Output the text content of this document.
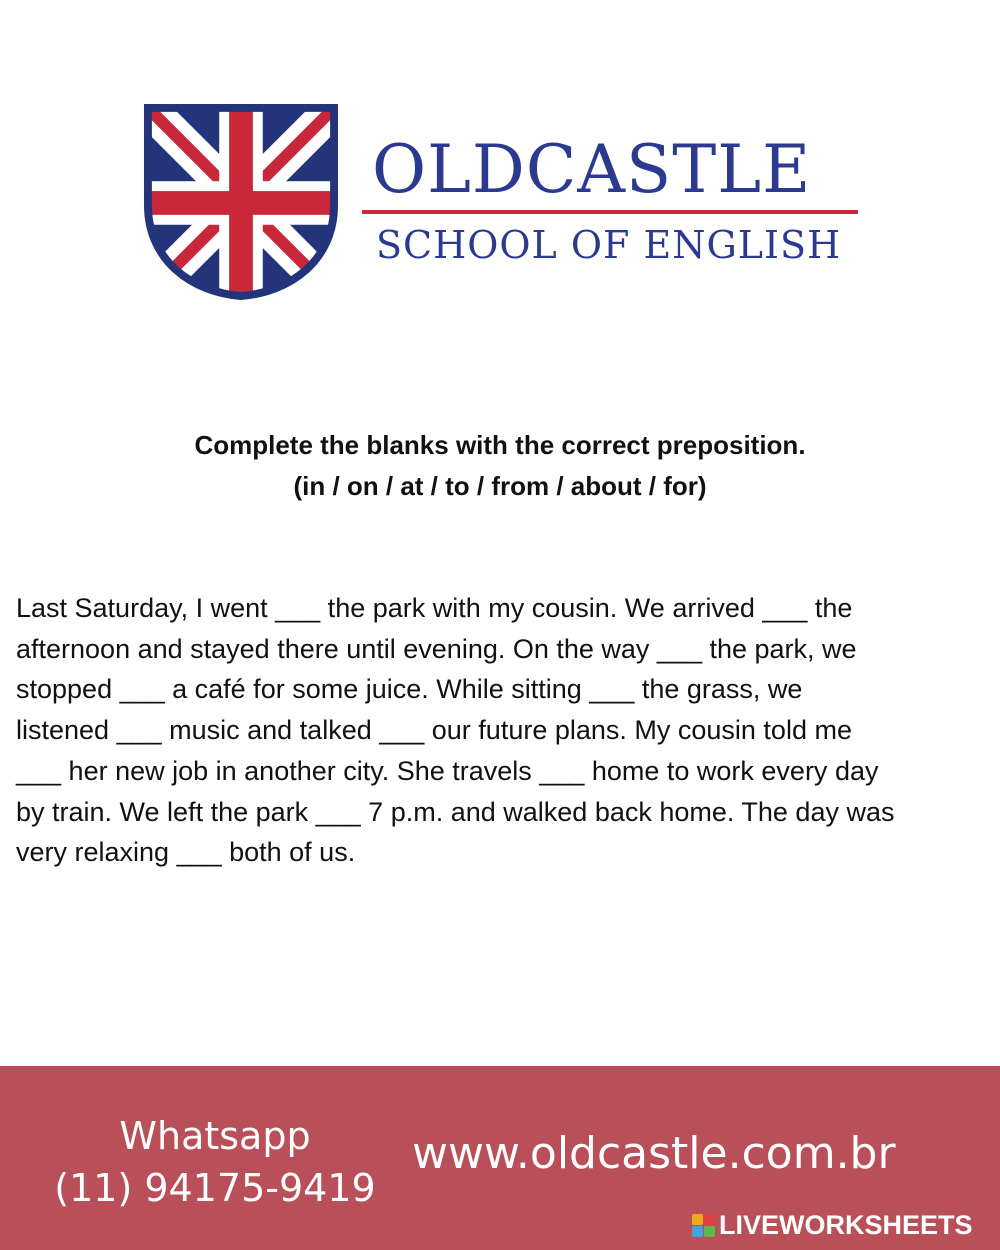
OLDCASTLE
SCHOOL OF ENGLISH
Complete the blanks with the correct preposition.
(in / on / at / to / from / about / for)

Last Saturday, I went ___ the park with my cousin. We arrived ___ the
afternoon and stayed there until evening. On the way ___ the park, we
stopped ___ a café for some juice. While sitting ___ the grass, we
listened ___ music and talked ___ our future plans. My cousin told me
___ her new job in another city. She travels ___ home to work every day
by train. We left the park ___ 7 p.m. and walked back home. The day was
very relaxing ___ both of us.

Whatsapp
(11) 94175-9419
www.oldcastle.com.br
LIVEWORKSHEETS
